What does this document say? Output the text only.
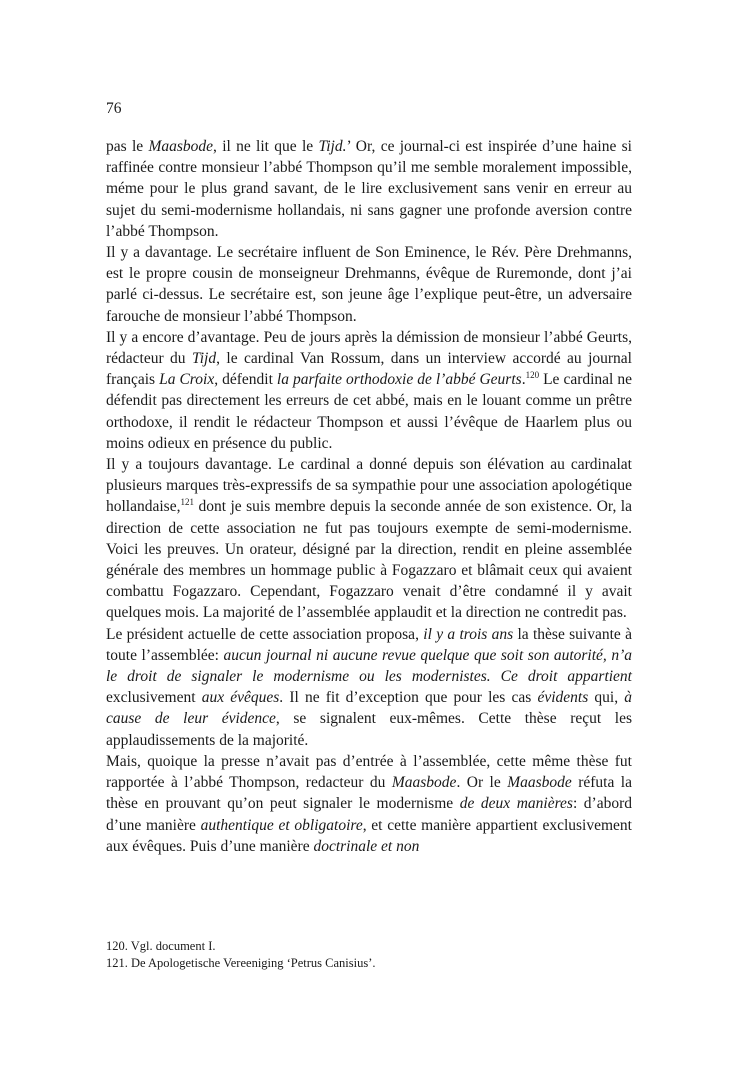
76

pas le Maasbode, il ne lit que le Tijd.’ Or, ce journal-ci est inspirée d’une haine si raffinée contre monsieur l’abbé Thompson qu’il me semble moralement impossible, méme pour le plus grand savant, de le lire exclusivement sans venir en erreur au sujet du semi-modernisme hollandais, ni sans gagner une profonde aversion contre l’abbé Thompson.

Il y a davantage. Le secrétaire influent de Son Eminence, le Rév. Père Drehmanns, est le propre cousin de monseigneur Drehmanns, évêque de Ruremonde, dont j’ai parlé ci-dessus. Le secrétaire est, son jeune âge l’explique peut-être, un adversaire farouche de monsieur l’abbé Thompson.

Il y a encore d’avantage. Peu de jours après la démission de monsieur l’abbé Geurts, rédacteur du Tijd, le cardinal Van Rossum, dans un interview accordé au journal français La Croix, défendit la parfaite orthodoxie de l’abbé Geurts.$^{120}$ Le cardinal ne défendit pas directement les erreurs de cet abbé, mais en le louant comme un prêtre orthodoxe, il rendit le rédacteur Thompson et aussi l’évêque de Haarlem plus ou moins odieux en présence du public.

Il y a toujours davantage. Le cardinal a donné depuis son élévation au cardinalat plusieurs marques très-expressifs de sa sympathie pour une association apologétique hollandaise,$^{121}$ dont je suis membre depuis la seconde année de son existence. Or, la direction de cette association ne fut pas toujours exempte de semi-modernisme. Voici les preuves. Un orateur, désigné par la direction, rendit en pleine assemblée générale des membres un hommage public à Fogazzaro et blâmait ceux qui avaient combattu Fogazzaro. Cependant, Fogazzaro venait d’être condamné il y avait quelques mois. La majorité de l’assemblée applaudit et la direction ne contredit pas.

Le président actuelle de cette association proposa, il y a trois ans la thèse suivante à toute l’assemblée: aucun journal ni aucune revue quelque que soit son autorité, n’a le droit de signaler le modernisme ou les modernistes. Ce droit appartient exclusivement aux évêques. Il ne fit d’exception que pour les cas évidents qui, à cause de leur évidence, se signalent eux-mêmes. Cette thèse reçut les applaudissements de la majorité.

Mais, quoique la presse n’avait pas d’entrée à l’assemblée, cette même thèse fut rapportée à l’abbé Thompson, redacteur du Maasbode. Or le Maasbode réfuta la thèse en prouvant qu’on peut signaler le modernisme de deux manières: d’abord d’une manière authentique et obligatoire, et cette manière appartient exclusivement aux évêques. Puis d’une manière doctrinale et non

120. Vgl. document I.
121. De Apologetische Vereeniging ‘Petrus Canisius’.
